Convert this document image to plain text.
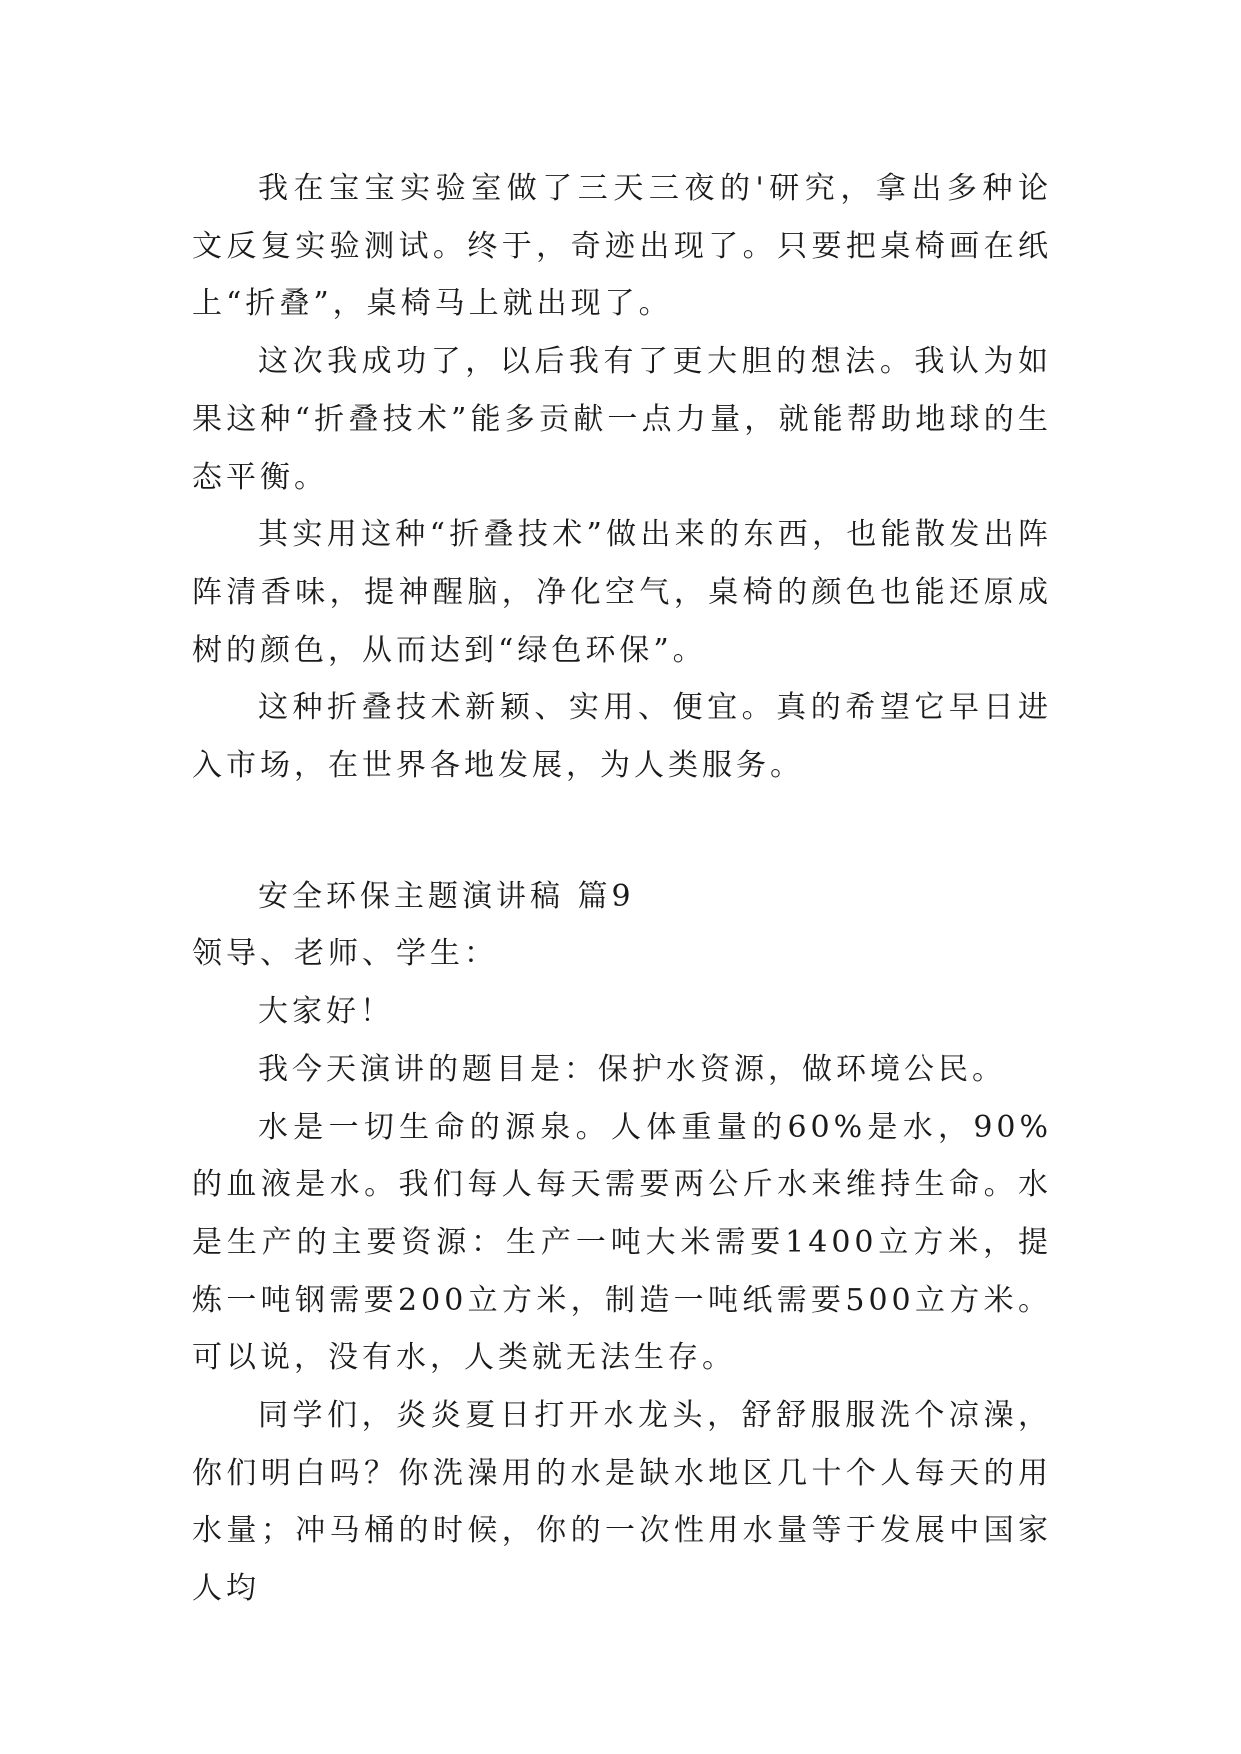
我在宝宝实验室做了三天三夜的'研究，拿出多种论文反复实验测试。终于，奇迹出现了。只要把桌椅画在纸上“折叠”，桌椅马上就出现了。

这次我成功了，以后我有了更大胆的想法。我认为如果这种“折叠技术”能多贡献一点力量，就能帮助地球的生态平衡。

其实用这种“折叠技术”做出来的东西，也能散发出阵阵清香味，提神醒脑，净化空气，桌椅的颜色也能还原成树的颜色，从而达到“绿色环保”。

这种折叠技术新颖、实用、便宜。真的希望它早日进入市场，在世界各地发展，为人类服务。

安全环保主题演讲稿 篇9

领导、老师、学生：

大家好！

我今天演讲的题目是：保护水资源，做环境公民。

水是一切生命的源泉。人体重量的60%是水，90%的血液是水。我们每人每天需要两公斤水来维持生命。水是生产的主要资源：生产一吨大米需要1400立方米，提炼一吨钢需要200立方米，制造一吨纸需要500立方米。可以说，没有水，人类就无法生存。

同学们，炎炎夏日打开水龙头，舒舒服服洗个凉澡，你们明白吗？你洗澡用的水是缺水地区几十个人每天的用水量；冲马桶的时候，你的一次性用水量等于发展中国家人均
